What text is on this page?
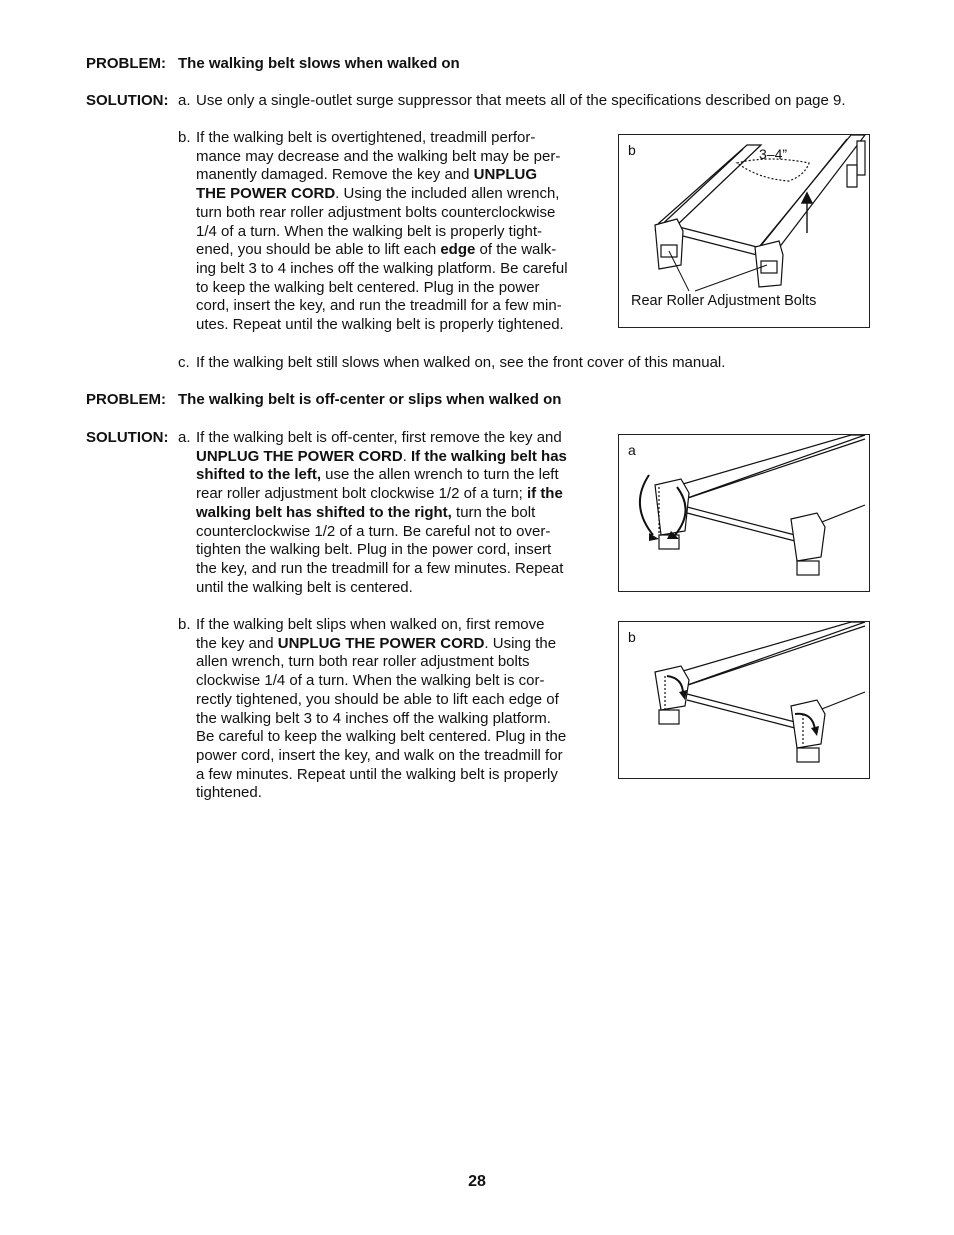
PROBLEM: The walking belt slows when walked on
SOLUTION: a. Use only a single-outlet surge suppressor that meets all of the specifications described on page 9.
b. If the walking belt is overtightened, treadmill perfor-
mance may decrease and the walking belt may be per-
manently damaged. Remove the key and UNPLUG
THE POWER CORD. Using the included allen wrench,
turn both rear roller adjustment bolts counterclockwise
1/4 of a turn. When the walking belt is properly tight-
ened, you should be able to lift each edge of the walk-
ing belt 3 to 4 inches off the walking platform. Be careful
to keep the walking belt centered. Plug in the power
cord, insert the key, and run the treadmill for a few min-
utes. Repeat until the walking belt is properly tightened.
c. If the walking belt still slows when walked on, see the front cover of this manual.
b	3–4”
Rear Roller Adjustment Bolts
PROBLEM: The walking belt is off-center or slips when walked on
SOLUTION: a. If the walking belt is off-center, first remove the key and
UNPLUG THE POWER CORD. If the walking belt has
shifted to the left, use the allen wrench to turn the left
rear roller adjustment bolt clockwise 1/2 of a turn; if the
walking belt has shifted to the right, turn the bolt
counterclockwise 1/2 of a turn. Be careful not to over-
tighten the walking belt. Plug in the power cord, insert
the key, and run the treadmill for a few minutes. Repeat
until the walking belt is centered.
b. If the walking belt slips when walked on, first remove
the key and UNPLUG THE POWER CORD. Using the
allen wrench, turn both rear roller adjustment bolts
clockwise 1/4 of a turn. When the walking belt is cor-
rectly tightened, you should be able to lift each edge of
the walking belt 3 to 4 inches off the walking platform.
Be careful to keep the walking belt centered. Plug in the
power cord, insert the key, and walk on the treadmill for
a few minutes. Repeat until the walking belt is properly
tightened.
a
b
28
